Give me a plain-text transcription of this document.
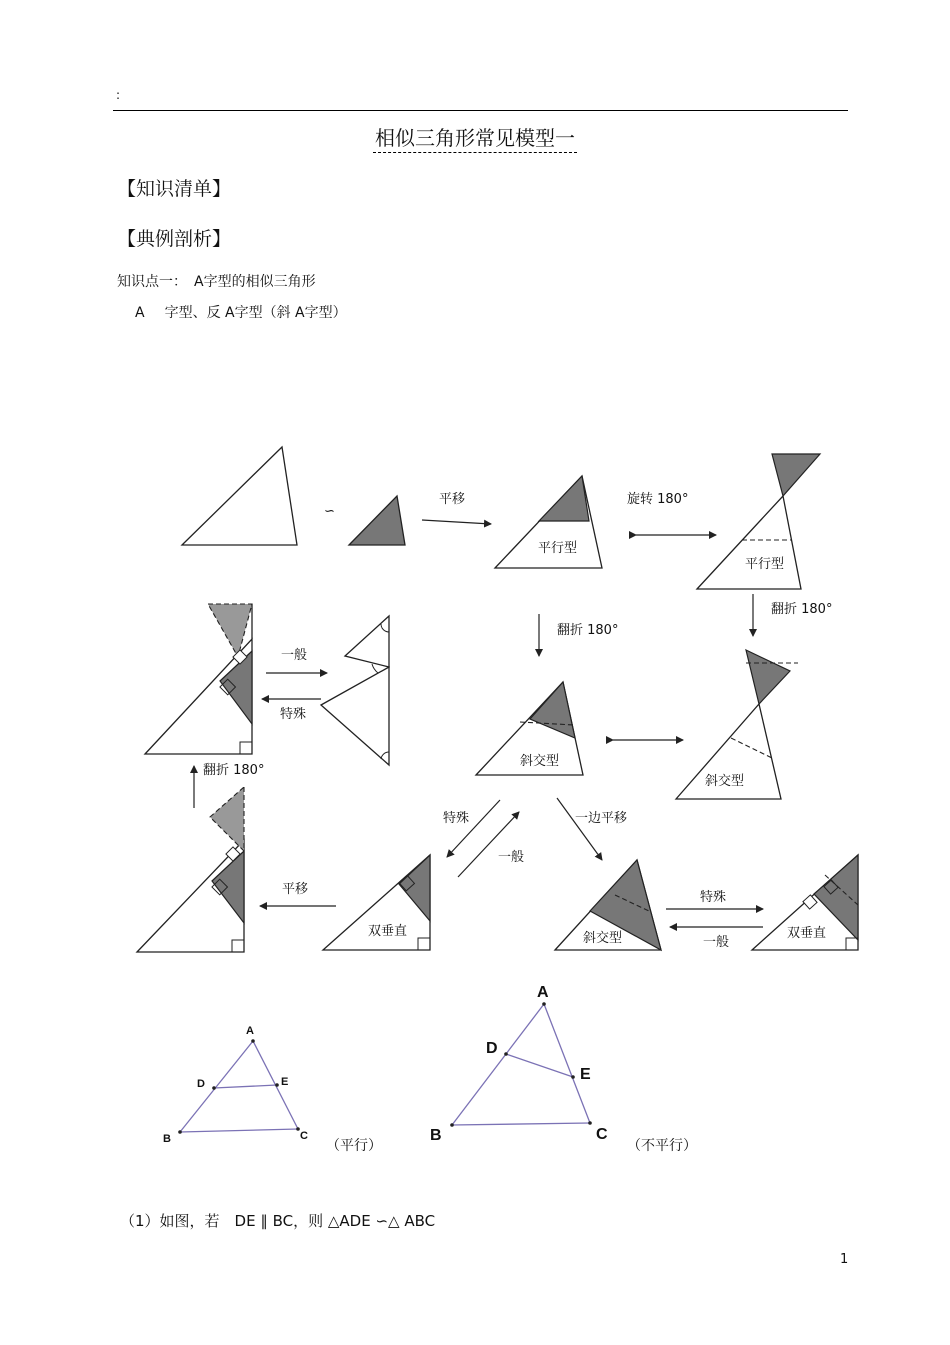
:
相似三角形常见模型一
【知识清单】
【典例剖析】
知识点一：　A字型的相似三角形
A 字型、反 A字型（斜 A字型）
∽
平移
平行型
旋转 180°
平行型
翻折 180°
翻折 180°
一般
特殊
斜交型
斜交型
翻折 180°
平移
特殊
一般
一边平移
双垂直	斜交型
特殊
一般
双垂直
A
D	E
B	C
（平行）
A
D
E
B	C
（不平行）
（1）如图，若　DE ∥ BC，则 △ADE ∽△ ABC
1
